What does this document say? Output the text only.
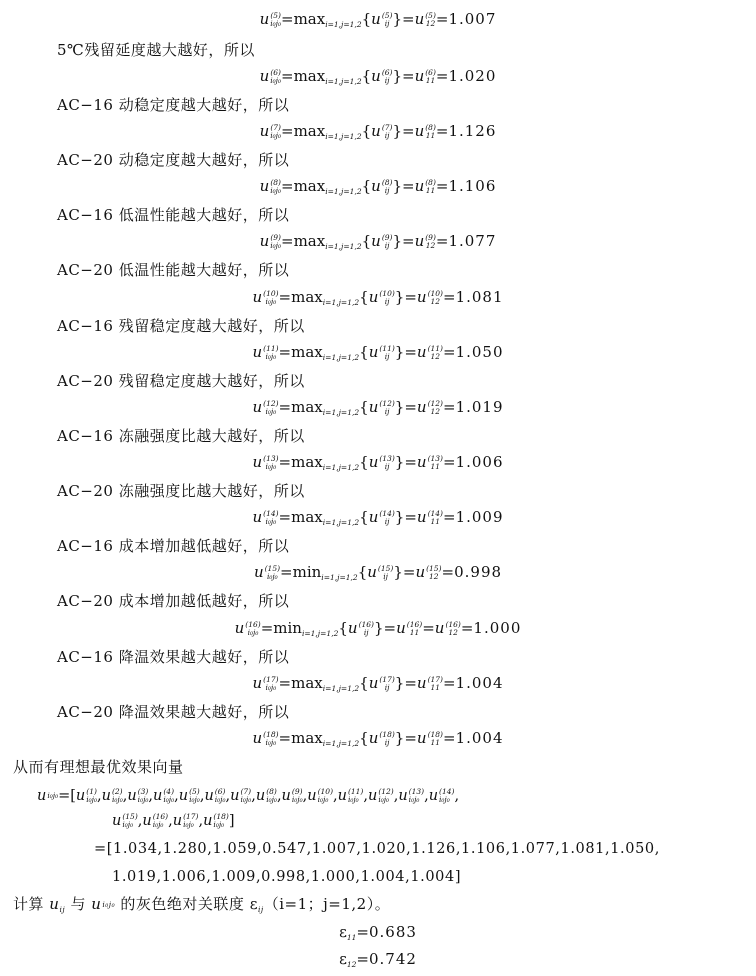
u (5)
$i_0j_0 =\max_{i=1,j=1,2}\{u$ (5)
ij }=u (5)
12 =1.007
5℃残留延度越大越好，所以
u (6)
$i_0j_0 =\max_{i=1,j=1,2}\{u$ (6)
ij }=u (6)
11 =1.020
AC−16 动稳定度越大越好，所以
u (7)
$i_0j_0 =\max_{i=1,j=1,2}\{u$ (7)
ij }=u (8)
11 =1.126
AC−20 动稳定度越大越好，所以
u (8)
$i_0j_0 =\max_{i=1,j=1,2}\{u$ (8)
ij }=u (8)
11 =1.106
AC−16 低温性能越大越好，所以
u (9)
$i_0j_0 =\max_{i=1,j=1,2}\{u$ (9)
ij }=u (9)
12 =1.077
AC−20 低温性能越大越好，所以
u (10)
$i_0j_0 =\max_{i=1,j=1,2}\{u$ (10)
ij }=u (10)
12 =1.081
AC−16 残留稳定度越大越好，所以
u (11)
$i_0j_0 =\max_{i=1,j=1,2}\{u$ (11)
ij }=u (11)
12 =1.050
AC−20 残留稳定度越大越好，所以
u (12)
$i_0j_0 =\max_{i=1,j=1,2}\{u$ (12)
ij }=u (12)
12 =1.019
AC−16 冻融强度比越大越好，所以
u (13)
$i_0j_0 =\max_{i=1,j=1,2}\{u$ (13)
ij }=u (13)
11 =1.006
AC−20 冻融强度比越大越好，所以
u (14)
$i_0j_0 =\max_{i=1,j=1,2}\{u$ (14)
ij }=u (14)
11 =1.009
AC−16 成本增加越低越好，所以
u (15)
$i_0j_0 =\min_{i=1,j=1,2}\{u$ (15)
ij }=u (15)
12 =0.998
AC−20 成本增加越低越好，所以
u (16)
$i_0j_0 =\min_{i=1,j=1,2}\{u$ (16)
ij }=u (16)
11 =u (16)
12 =1.000
AC−16 降温效果越大越好，所以
u (17)
$i_0j_0 =\max_{i=1,j=1,2}\{u$ (17)
ij }=u (17)
11 =1.004
AC−20 降温效果越大越好，所以
u (18)
$i_0j_0 =\max_{i=1,j=1,2}\{u$ (18)
ij }=u (18)
11 =1.004
从而有理想最优效果向量
u i₀j₀ =[u (1)
i₀j₀ ,u (2)
i₀j₀ ,u (3)
i₀j₀ ,u (4)
i₀j₀ ,u (5)
i₀j₀ ,u (6)
i₀j₀ ,u (7)
i₀j₀ ,u (8)
i₀j₀ ,u (9)
i₀j₀ ,u (10)
i₀j₀ ,u (11)
i₀j₀ ,u (12)
i₀j₀ ,u (13)
i₀j₀ ,u (14)
i₀j₀ ,
u (15)
i₀j₀ ,u (16)
i₀j₀ ,u (17)
i₀j₀ ,u (18)
i₀j₀ ]
=[1.034,1.280,1.059,0.547,1.007,1.020,1.126,1.106,1.077,1.081,1.050,
1.019,1.006,1.009,0.998,1.000,1.004,1.004]
计算 $u_{ij}$ 与 u i₀j₀ 的灰色绝对关联度 $\varepsilon_{ij}(i=1$；j=1,2）。
$\varepsilon_{11}=0.683$
$\varepsilon_{12}=0.742$
